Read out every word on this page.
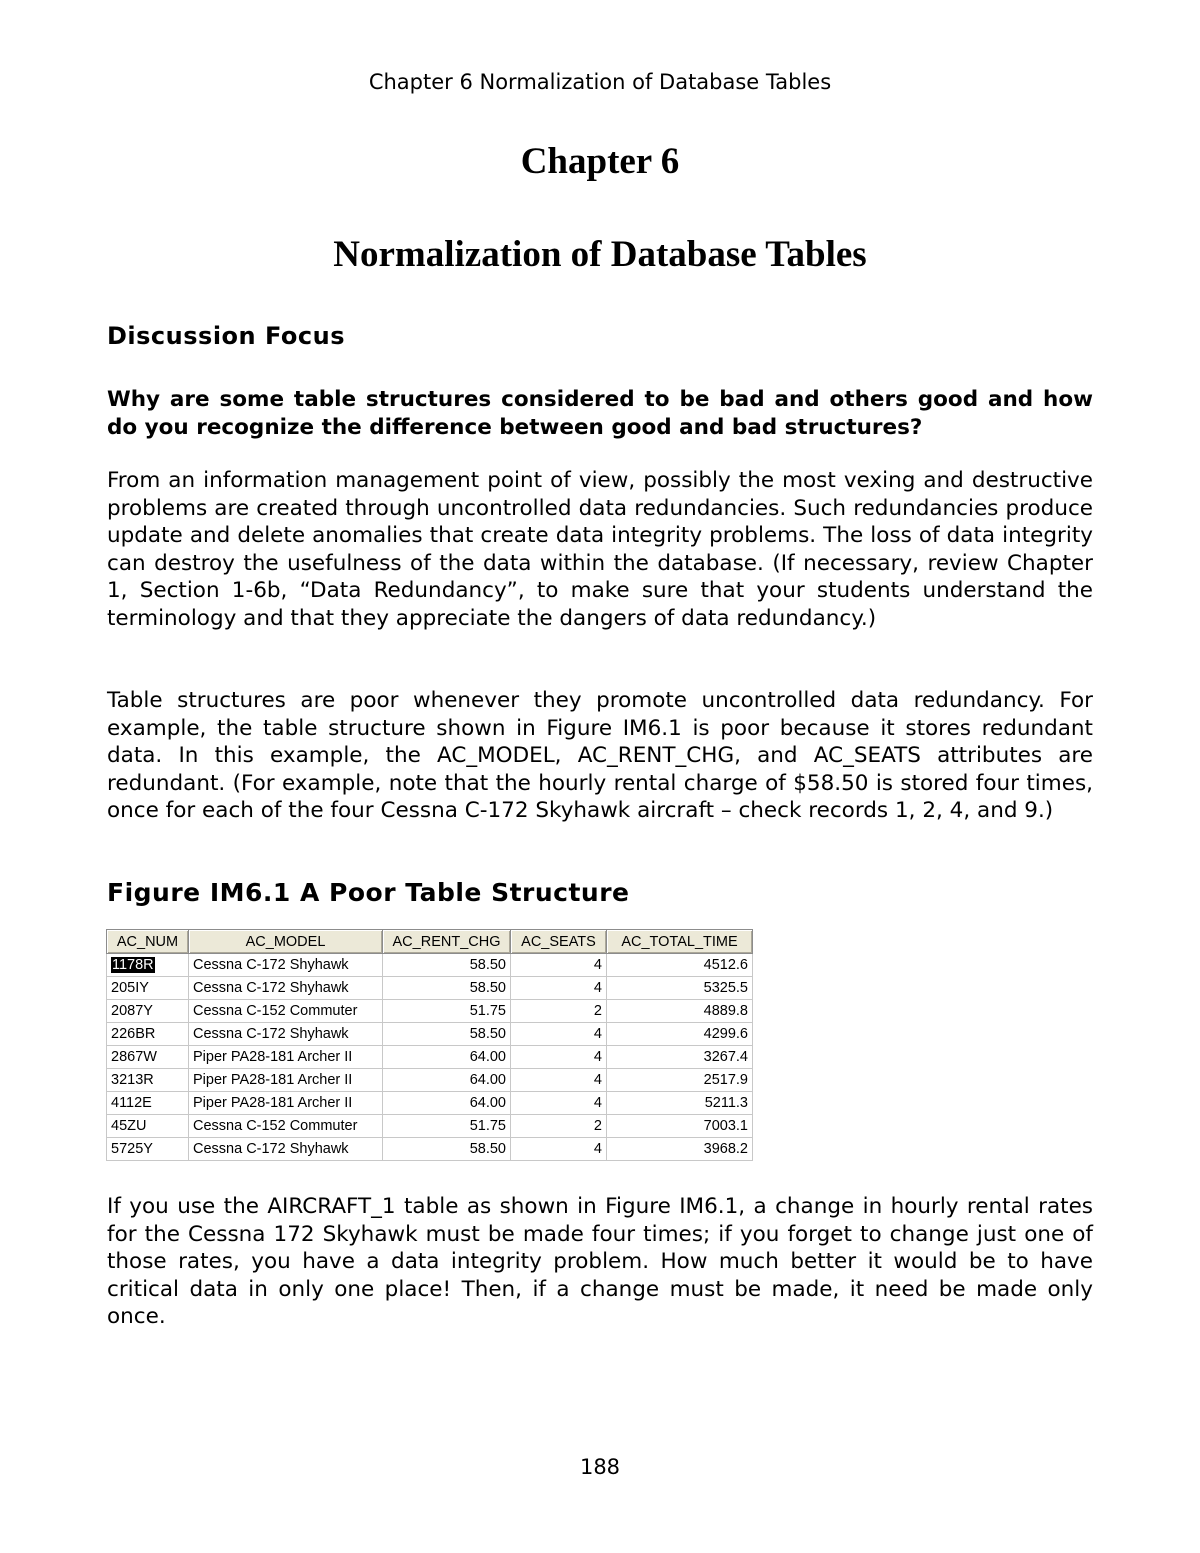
Chapter 6 Normalization of Database Tables
Chapter 6
Normalization of Database Tables
Discussion Focus
Why are some table structures considered to be bad and others good and how do you recognize the difference between good and bad structures?
From an information management point of view, possibly the most vexing and destructive problems are created through uncontrolled data redundancies. Such redundancies produce update and delete anomalies that create data integrity problems. The loss of data integrity can destroy the usefulness of the data within the database. (If necessary, review Chapter 1, Section 1-6b, “Data Redundancy”, to make sure that your students understand the terminology and that they appreciate the dangers of data redundancy.)
Table structures are poor whenever they promote uncontrolled data redundancy. For example, the table structure shown in Figure IM6.1 is poor because it stores redundant data. In this example, the AC_MODEL, AC_RENT_CHG, and AC_SEATS attributes are redundant. (For example, note that the hourly rental charge of $58.50 is stored four times, once for each of the four Cessna C-172 Skyhawk aircraft – check records 1, 2, 4, and 9.)
Figure IM6.1 A Poor Table Structure
AC_NUM	AC_MODEL	AC_RENT_CHG	AC_SEATS	AC_TOTAL_TIME
1178R	Cessna C-172 Shyhawk	58.50	4	4512.6
205IY	Cessna C-172 Shyhawk	58.50	4	5325.5
2087Y	Cessna C-152 Commuter	51.75	2	4889.8
226BR	Cessna C-172 Shyhawk	58.50	4	4299.6
2867W	Piper PA28-181 Archer II	64.00	4	3267.4
3213R	Piper PA28-181 Archer II	64.00	4	2517.9
4112E	Piper PA28-181 Archer II	64.00	4	5211.3
45ZU	Cessna C-152 Commuter	51.75	2	7003.1
5725Y	Cessna C-172 Shyhawk	58.50	4	3968.2
If you use the AIRCRAFT_1 table as shown in Figure IM6.1, a change in hourly rental rates for the Cessna 172 Skyhawk must be made four times; if you forget to change just one of those rates, you have a data integrity problem. How much better it would be to have critical data in only one place! Then, if a change must be made, it need be made only once.
188
